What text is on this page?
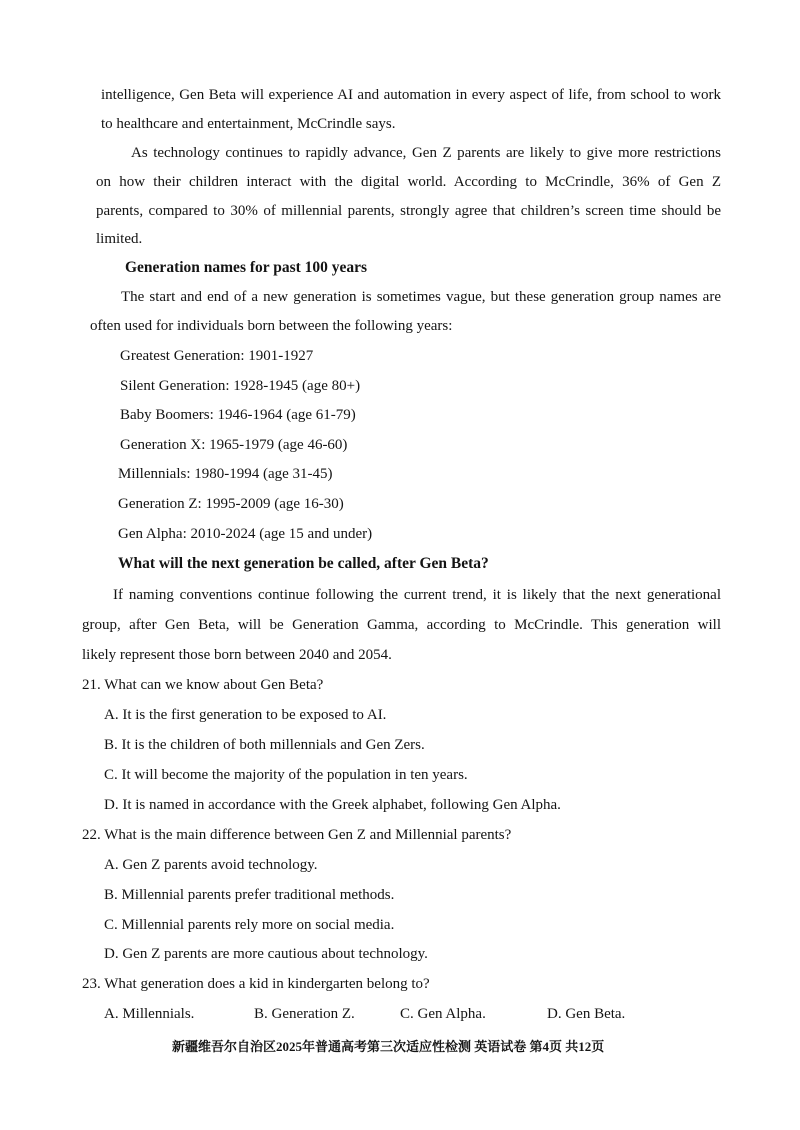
intelligence, Gen Beta will experience AI and automation in every aspect of life, from school to work
to healthcare and entertainment, McCrindle says.
As technology continues to rapidly advance, Gen Z parents are likely to give more restrictions
on how their children interact with the digital world. According to McCrindle, 36% of Gen Z
parents, compared to 30% of millennial parents, strongly agree that children’s screen time should be
limited.
Generation names for past 100 years
The start and end of a new generation is sometimes vague, but these generation group names are
often used for individuals born between the following years:
Greatest Generation: 1901-1927
Silent Generation: 1928-1945 (age 80+)
Baby Boomers: 1946-1964 (age 61-79)
Generation X: 1965-1979 (age 46-60)
Millennials: 1980-1994 (age 31-45)
Generation Z: 1995-2009 (age 16-30)
Gen Alpha: 2010-2024 (age 15 and under)
What will the next generation be called, after Gen Beta?
If naming conventions continue following the current trend, it is likely that the next generational
group, after Gen Beta, will be Generation Gamma, according to McCrindle. This generation will
likely represent those born between 2040 and 2054.
21. What can we know about Gen Beta?
A. It is the first generation to be exposed to AI.
B. It is the children of both millennials and Gen Zers.
C. It will become the majority of the population in ten years.
D. It is named in accordance with the Greek alphabet, following Gen Alpha.
22. What is the main difference between Gen Z and Millennial parents?
A. Gen Z parents avoid technology.
B. Millennial parents prefer traditional methods.
C. Millennial parents rely more on social media.
D. Gen Z parents are more cautious about technology.
23. What generation does a kid in kindergarten belong to?
A. Millennials.	B. Generation Z.	C. Gen Alpha.	D. Gen Beta.
新疆维吾尔自治区2025年普通高考第三次适应性检测 英语试卷 第4页 共12页
